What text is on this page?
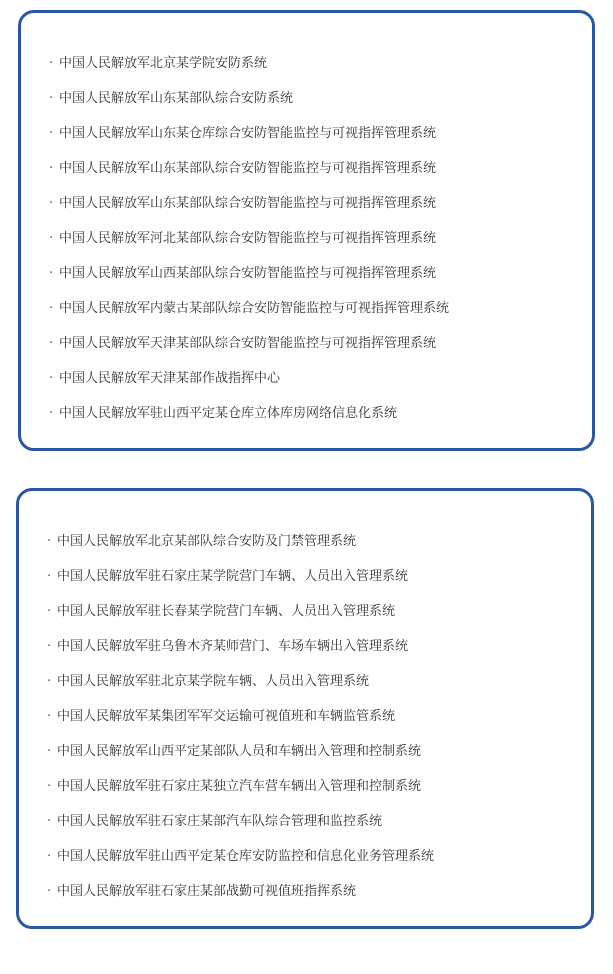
· 中国人民解放军北京某学院安防系统
· 中国人民解放军山东某部队综合安防系统
· 中国人民解放军山东某仓库综合安防智能监控与可视指挥管理系统
· 中国人民解放军山东某部队综合安防智能监控与可视指挥管理系统
· 中国人民解放军山东某部队综合安防智能监控与可视指挥管理系统
· 中国人民解放军河北某部队综合安防智能监控与可视指挥管理系统
· 中国人民解放军山西某部队综合安防智能监控与可视指挥管理系统
· 中国人民解放军内蒙古某部队综合安防智能监控与可视指挥管理系统
· 中国人民解放军天津某部队综合安防智能监控与可视指挥管理系统
· 中国人民解放军天津某部作战指挥中心
· 中国人民解放军驻山西平定某仓库立体库房网络信息化系统
· 中国人民解放军北京某部队综合安防及门禁管理系统
· 中国人民解放军驻石家庄某学院营门车辆、人员出入管理系统
· 中国人民解放军驻长春某学院营门车辆、人员出入管理系统
· 中国人民解放军驻乌鲁木齐某师营门、车场车辆出入管理系统
· 中国人民解放军驻北京某学院车辆、人员出入管理系统
· 中国人民解放军某集团军军交运输可视值班和车辆监管系统
· 中国人民解放军山西平定某部队人员和车辆出入管理和控制系统
· 中国人民解放军驻石家庄某独立汽车营车辆出入管理和控制系统
· 中国人民解放军驻石家庄某部汽车队综合管理和监控系统
· 中国人民解放军驻山西平定某仓库安防监控和信息化业务管理系统
· 中国人民解放军驻石家庄某部战勤可视值班指挥系统
